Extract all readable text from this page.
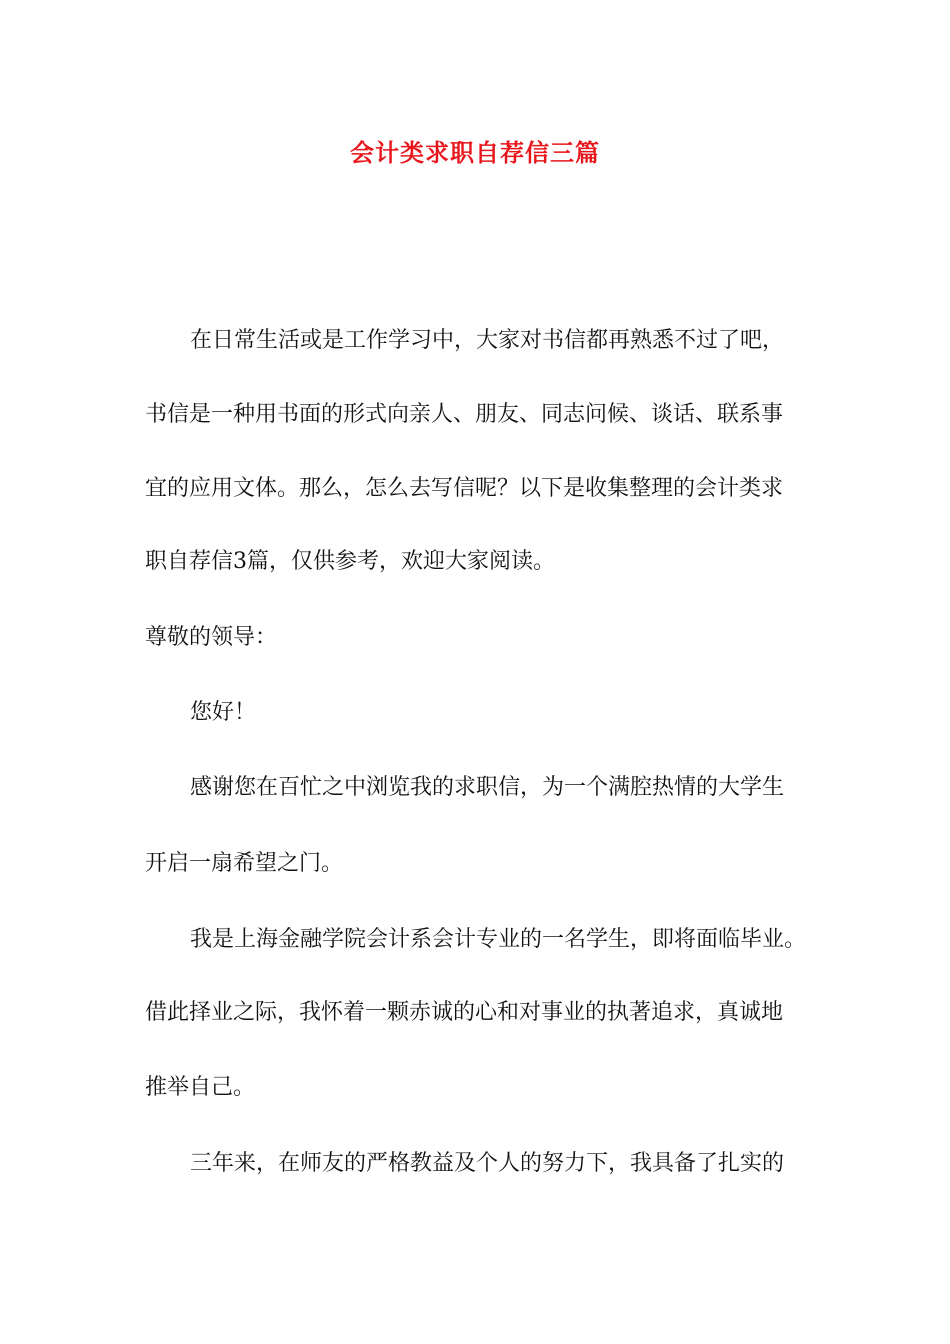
会计类求职自荐信三篇
在日常生活或是工作学习中，大家对书信都再熟悉不过了吧，
书信是一种用书面的形式向亲人、朋友、同志问候、谈话、联系事
宜的应用文体。那么，怎么去写信呢？以下是收集整理的会计类求
职自荐信3篇，仅供参考，欢迎大家阅读。
尊敬的领导：
您好！
感谢您在百忙之中浏览我的求职信，为一个满腔热情的大学生
开启一扇希望之门。
我是上海金融学院会计系会计专业的一名学生，即将面临毕业。
借此择业之际，我怀着一颗赤诚的心和对事业的执著追求，真诚地
推举自己。
三年来，在师友的严格教益及个人的努力下，我具备了扎实的
